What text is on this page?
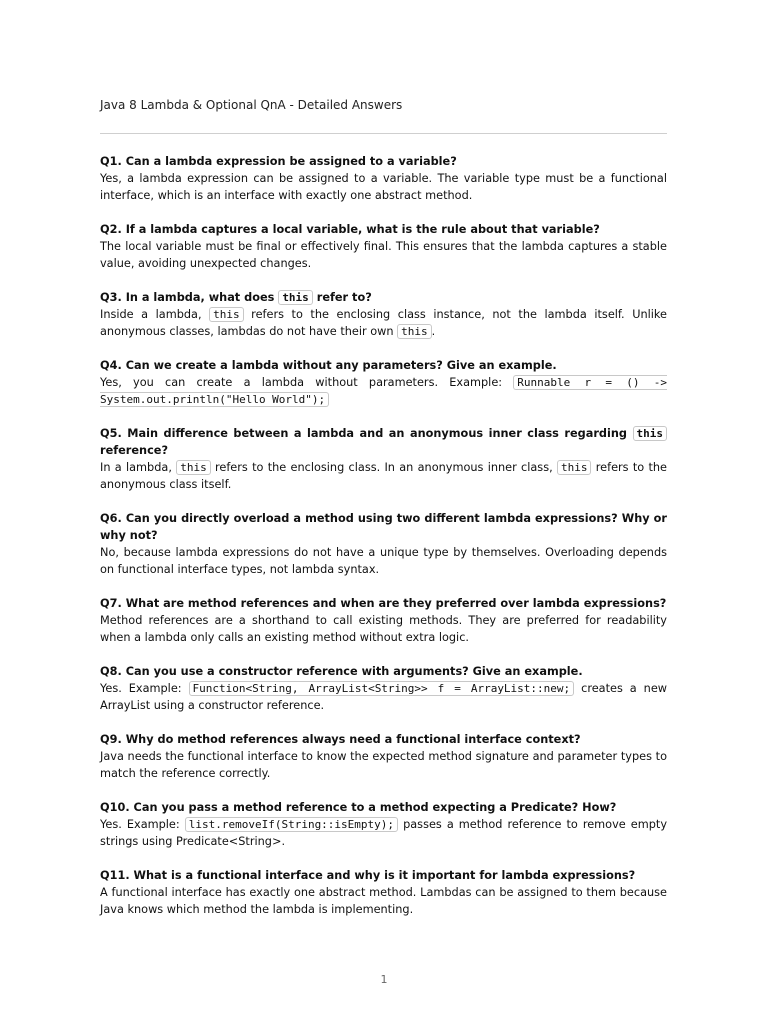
Java 8 Lambda & Optional QnA - Detailed Answers

Q1. Can a lambda expression be assigned to a variable?

Yes, a lambda expression can be assigned to a variable. The variable type must be a functional interface, which is an interface with exactly one abstract method.

Q2. If a lambda captures a local variable, what is the rule about that variable?

The local variable must be final or effectively final. This ensures that the lambda captures a stable value, avoiding unexpected changes.

Q3. In a lambda, what does this refer to?

Inside a lambda, this refers to the enclosing class instance, not the lambda itself. Unlike anonymous classes, lambdas do not have their own this .

Q4. Can we create a lambda without any parameters? Give an example.

Yes, you can create a lambda without parameters. Example: Runnable r = () -> System.out.println("Hello World");

Q5. Main difference between a lambda and an anonymous inner class regarding this reference?

In a lambda, this refers to the enclosing class. In an anonymous inner class, this refers to the anonymous class itself.

Q6. Can you directly overload a method using two different lambda expressions? Why or why not?

No, because lambda expressions do not have a unique type by themselves. Overloading depends on functional interface types, not lambda syntax.

Q7. What are method references and when are they preferred over lambda expressions?

Method references are a shorthand to call existing methods. They are preferred for readability when a lambda only calls an existing method without extra logic.

Q8. Can you use a constructor reference with arguments? Give an example.

Yes. Example: Function<String, ArrayList<String>> f = ArrayList::new; creates a new ArrayList using a constructor reference.

Q9. Why do method references always need a functional interface context?

Java needs the functional interface to know the expected method signature and parameter types to match the reference correctly.

Q10. Can you pass a method reference to a method expecting a Predicate? How?

Yes. Example: list.removeIf(String::isEmpty); passes a method reference to remove empty strings using Predicate<String>.

Q11. What is a functional interface and why is it important for lambda expressions?

A functional interface has exactly one abstract method. Lambdas can be assigned to them because Java knows which method the lambda is implementing.

1
